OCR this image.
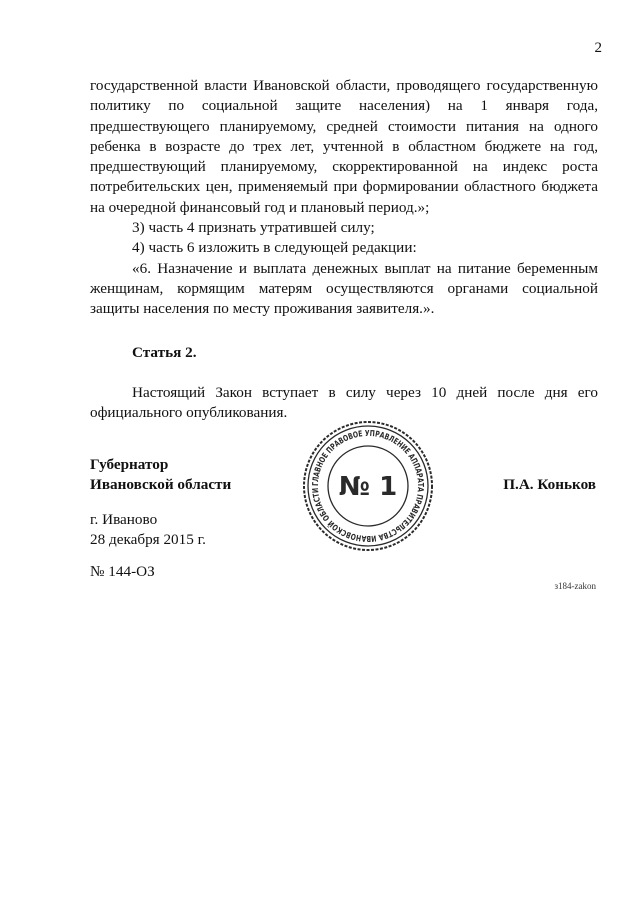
2

государственной власти Ивановской области, проводящего государственную политику по социальной защите населения) на 1 января года, предшествующего планируемому, средней стоимости питания на одного ребенка в возрасте до трех лет, учтенной в областном бюджете на год, предшествующий планируемому, скорректированной на индекс роста потребительских цен, применяемый при формировании областного бюджета на очередной финансовый год и плановый период.»;

3) часть 4 признать утратившей силу;

4) часть 6 изложить в следующей редакции:

«6. Назначение и выплата денежных выплат на питание беременным женщинам, кормящим матерям осуществляются органами социальной защиты населения по месту проживания заявителя.».

Статья 2.

Настоящий Закон вступает в силу через 10 дней после дня его официального опубликования.

Губернатор
Ивановской области	ГЛАВНОЕ ПРАВОВОЕ УПРАВЛЕНИЕ АППАРАТА ПРАВИТЕЛЬСТВА ИВАНОВСКОЙ ОБЛАСТИ № 1	П.А. Коньков
г. Иваново
28 декабря 2015 г.
№ 144-ОЗ
з184-zakon
